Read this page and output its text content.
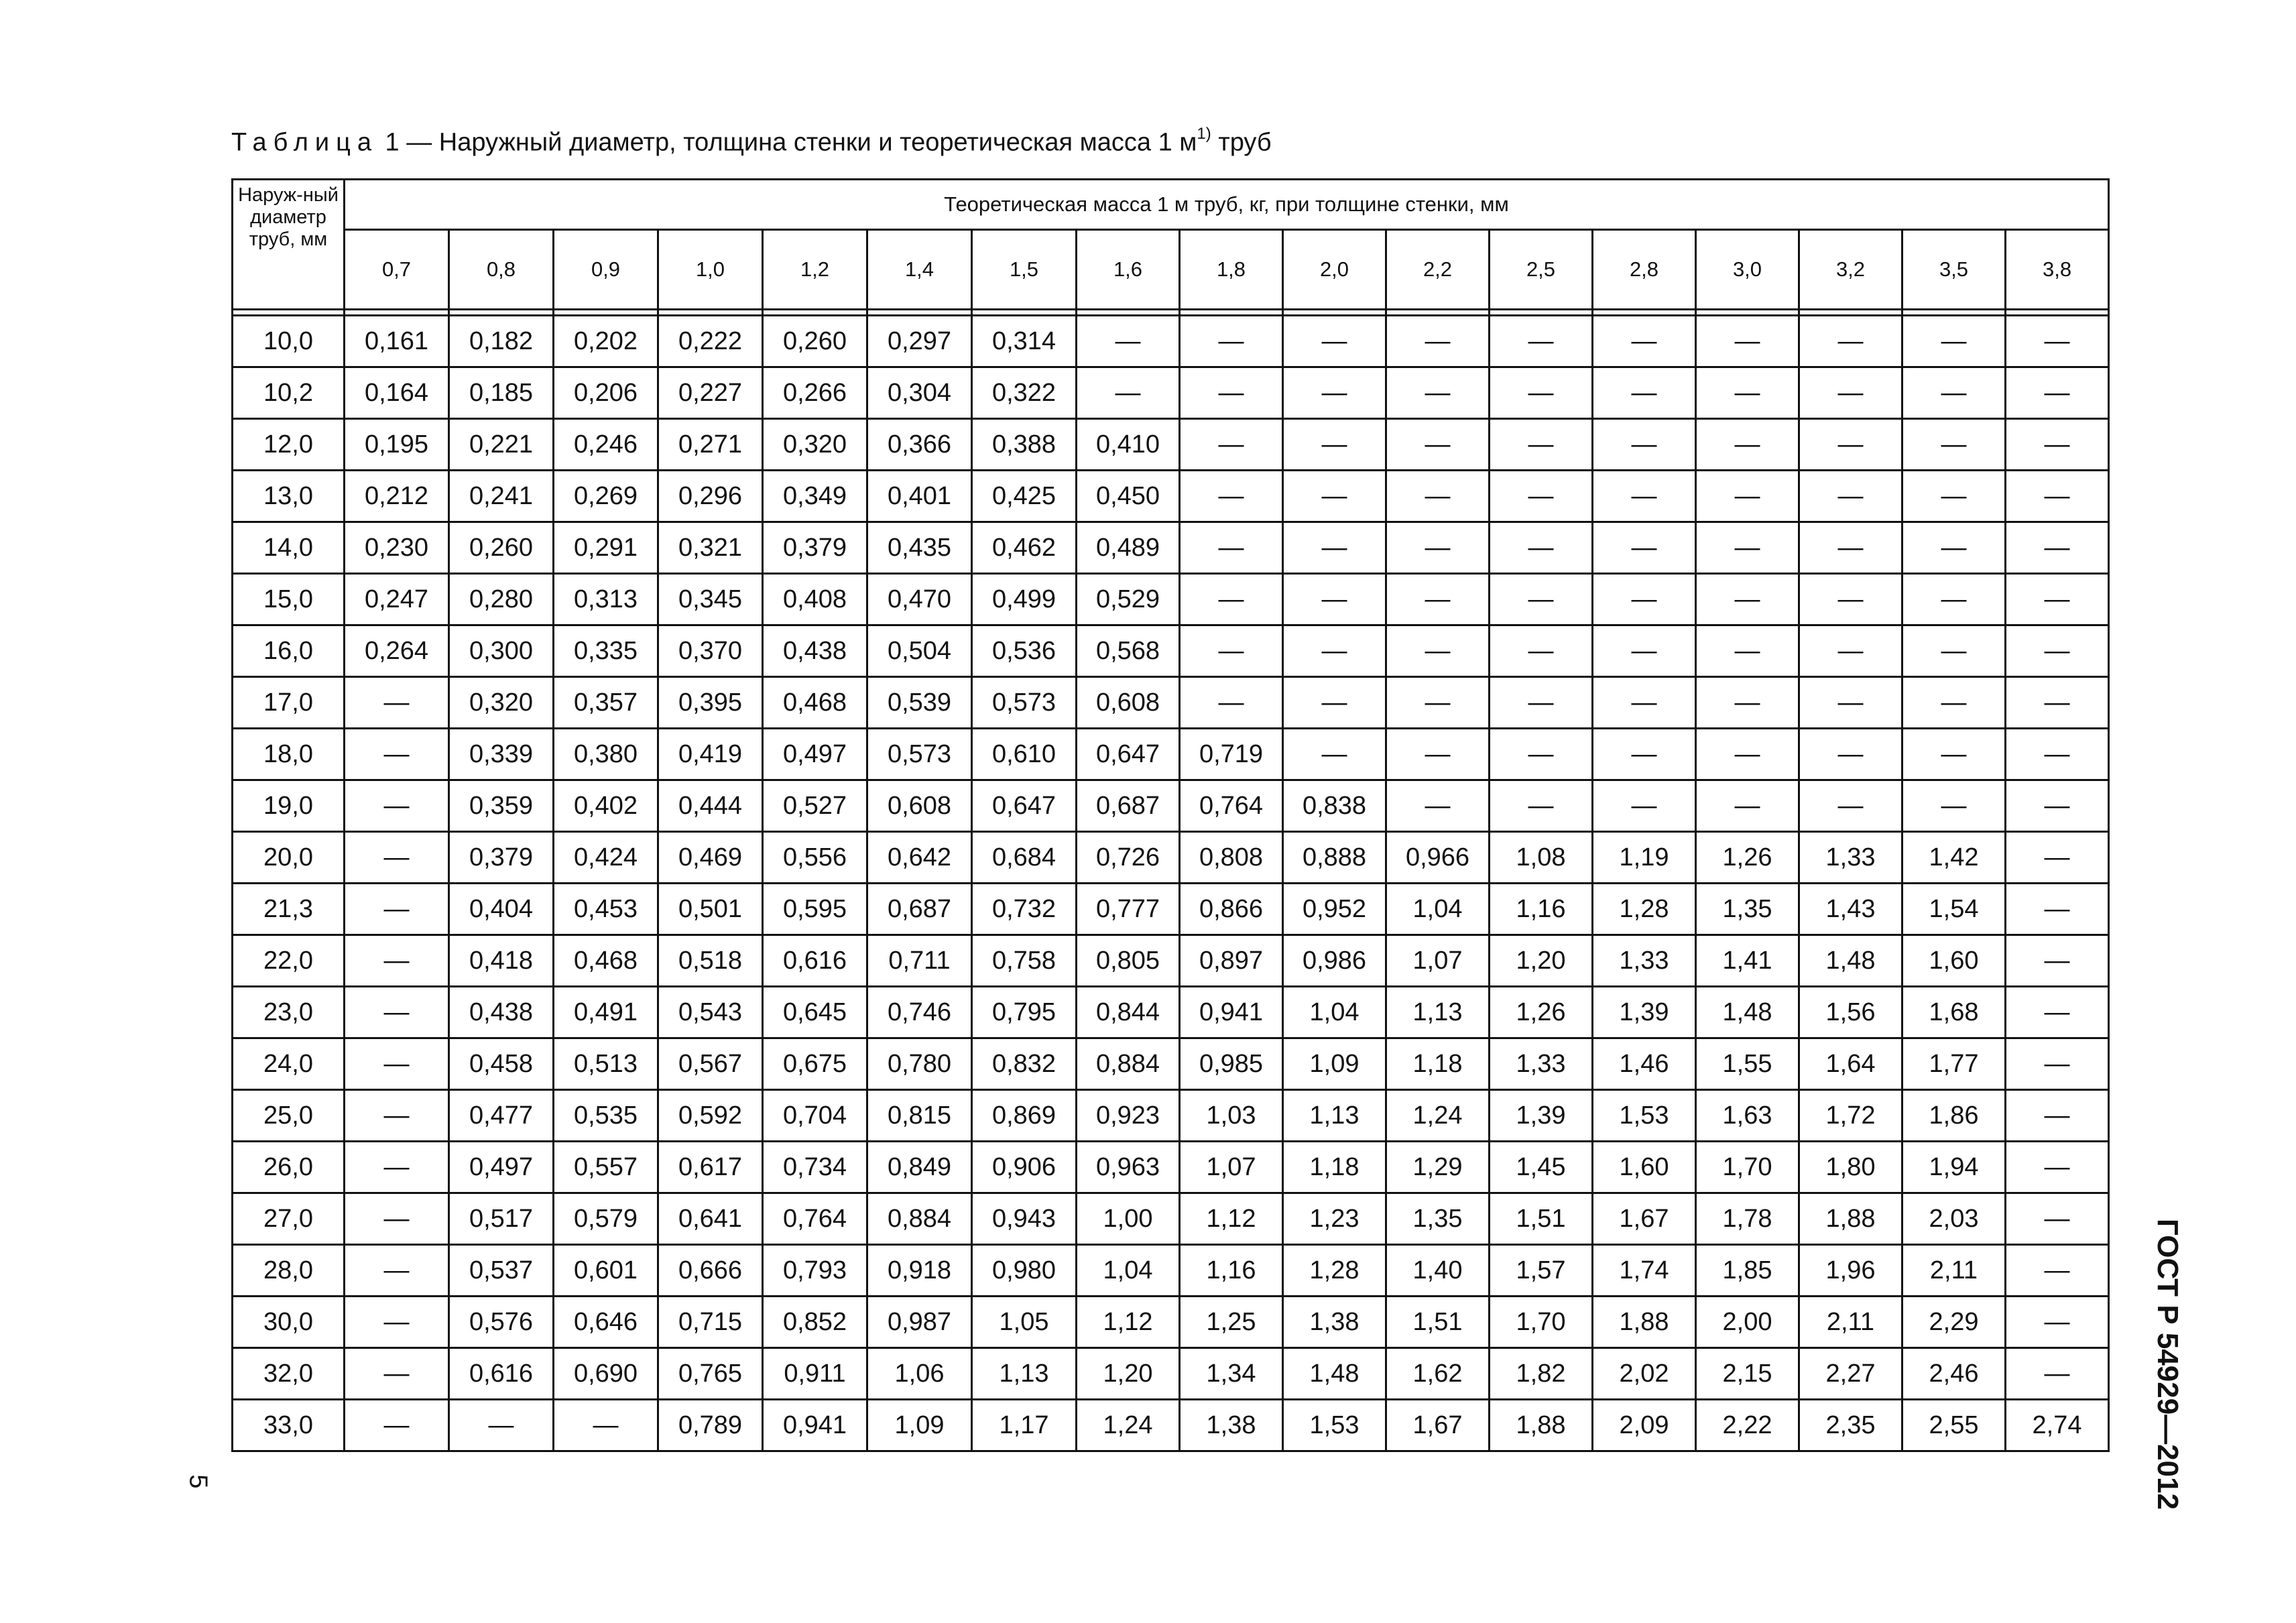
Таблица 1 — Наружный диаметр, толщина стенки и теоретическая масса 1 $м^{1)}$ труб
Наруж-ный диаметр труб, мм	Теоретическая масса 1 м труб, кг, при толщине стенки, мм																
	0,7	0,8	0,9	1,0	1,2	1,4	1,5	1,6	1,8	2,0	2,2	2,5	2,8	3,0	3,2	3,5	3,8

10,0	0,161	0,182	0,202	0,222	0,260	0,297	0,314	—	—	—	—	—	—	—	—	—	—
10,2	0,164	0,185	0,206	0,227	0,266	0,304	0,322	—	—	—	—	—	—	—	—	—	—
12,0	0,195	0,221	0,246	0,271	0,320	0,366	0,388	0,410	—	—	—	—	—	—	—	—	—
13,0	0,212	0,241	0,269	0,296	0,349	0,401	0,425	0,450	—	—	—	—	—	—	—	—	—
14,0	0,230	0,260	0,291	0,321	0,379	0,435	0,462	0,489	—	—	—	—	—	—	—	—	—
15,0	0,247	0,280	0,313	0,345	0,408	0,470	0,499	0,529	—	—	—	—	—	—	—	—	—
16,0	0,264	0,300	0,335	0,370	0,438	0,504	0,536	0,568	—	—	—	—	—	—	—	—	—
17,0	—	0,320	0,357	0,395	0,468	0,539	0,573	0,608	—	—	—	—	—	—	—	—	—
18,0	—	0,339	0,380	0,419	0,497	0,573	0,610	0,647	0,719	—	—	—	—	—	—	—	—
19,0	—	0,359	0,402	0,444	0,527	0,608	0,647	0,687	0,764	0,838	—	—	—	—	—	—	—
20,0	—	0,379	0,424	0,469	0,556	0,642	0,684	0,726	0,808	0,888	0,966	1,08	1,19	1,26	1,33	1,42	—
21,3	—	0,404	0,453	0,501	0,595	0,687	0,732	0,777	0,866	0,952	1,04	1,16	1,28	1,35	1,43	1,54	—
22,0	—	0,418	0,468	0,518	0,616	0,711	0,758	0,805	0,897	0,986	1,07	1,20	1,33	1,41	1,48	1,60	—
23,0	—	0,438	0,491	0,543	0,645	0,746	0,795	0,844	0,941	1,04	1,13	1,26	1,39	1,48	1,56	1,68	—
24,0	—	0,458	0,513	0,567	0,675	0,780	0,832	0,884	0,985	1,09	1,18	1,33	1,46	1,55	1,64	1,77	—
25,0	—	0,477	0,535	0,592	0,704	0,815	0,869	0,923	1,03	1,13	1,24	1,39	1,53	1,63	1,72	1,86	—
26,0	—	0,497	0,557	0,617	0,734	0,849	0,906	0,963	1,07	1,18	1,29	1,45	1,60	1,70	1,80	1,94	—
27,0	—	0,517	0,579	0,641	0,764	0,884	0,943	1,00	1,12	1,23	1,35	1,51	1,67	1,78	1,88	2,03	—
28,0	—	0,537	0,601	0,666	0,793	0,918	0,980	1,04	1,16	1,28	1,40	1,57	1,74	1,85	1,96	2,11	—
30,0	—	0,576	0,646	0,715	0,852	0,987	1,05	1,12	1,25	1,38	1,51	1,70	1,88	2,00	2,11	2,29	—
32,0	—	0,616	0,690	0,765	0,911	1,06	1,13	1,20	1,34	1,48	1,62	1,82	2,02	2,15	2,27	2,46	—
33,0	—	—	—	0,789	0,941	1,09	1,17	1,24	1,38	1,53	1,67	1,88	2,09	2,22	2,35	2,55	2,74 ГОСТ Р 54929—2012
5
